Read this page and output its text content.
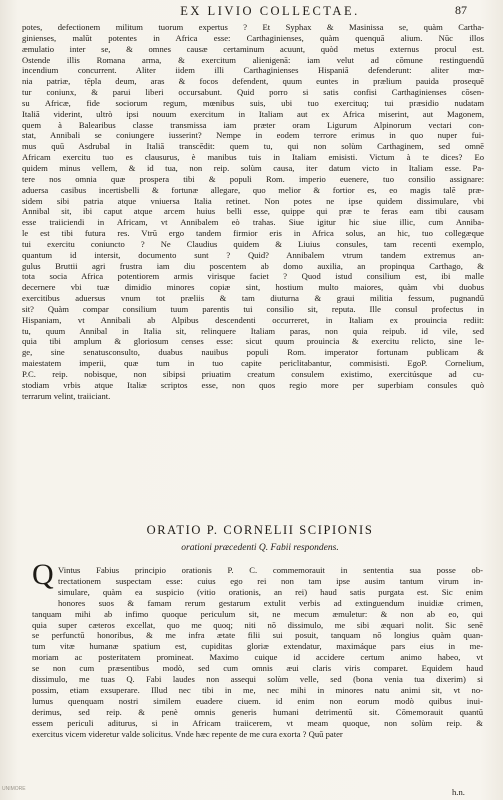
EX LIVIO COLLECTAE.	87
potes, defectionem militum tuorum expertus ? Et Syphax & Masinissa se, quàm Cartha-
ginienses, malūt potentes in Africa esse: Carthaginienses, quàm quenquā alium. Nūc illos
æmulatio inter se, & omnes causæ certaminum acuunt, quòd metus externus procul est.
Ostende illis Romana arma, & exercitum alienigenā: iam velut ad cōmune restinguendū
incendium concurrent. Aliter iidem illi Carthaginienses Hispaniā defenderunt: aliter mœ-
nia patriæ, tēpla deum, aras & focos defendent, quum euntes in prælium pauida prosequē
tur coniunx, & parui liberi occursabunt. Quid porro si satis confisi Carthaginienses cōsen-
su Africæ, fide sociorum regum, mœnibus suis, ubi tuo exercituq; tui præsidio nudatam
Italiā viderint, ultrò ipsi nouum exercitum in Italiam aut ex Africa miserint, aut Magonem,
quem à Balearibus classe transmissa iam præter oram Ligurum Alpinorum vectari con-
stat, Annibali se coniungere iusserint? Nempe in eodem terrore erimus in quo nuper fui-
mus quū Asdrubal in Italiā transcēdit: quem tu, qui non solùm Carthaginem, sed omnē
Africam exercitu tuo es clausurus, è manibus tuis in Italiam emisisti. Victum à te dices? Eo
quidem minus vellem, & id tua, non reip. solùm causa, iter datum victo in Italiam esse. Pa-
tere nos omnia quæ prospera tibi & populi Rom. imperio euenere, tuo consilio assignare:
aduersa casibus incertisbelli & fortunæ allegare, quo melior & fortior es, eo magis talē præ-
sidem sibi patria atque vniuersa Italia retinet. Non potes ne ipse quidem dissimulare, vbi
Annibal sit, ibi caput atque arcem huius belli esse, quippe qui præ te feras eam tibi causam
esse traiiciendi in Africam, vt Annibalem eò trahas. Siue igitur hic siue illic, cum Anniba-
le est tibi futura res. Vtrū ergo tandem firmior eris in Africa solus, an hic, tuo collegæque
tui exercitu coniuncto ? Ne Claudius quidem & Liuius consules, tam recenti exemplo,
quantum id intersit, documento sunt ? Quid? Annibalem vtrum tandem extremus an-
gulus Bruttii agri frustra iam diu poscentem ab domo auxilia, an propinqua Carthago, &
tota socia Africa potentiorem armis virisque faciet ? Quod istud consilium est, ibi malle
decernere vbi tuæ dimidio minores copiæ sint, hostium multo maiores, quàm vbi duobus
exercitibus aduersus vnum tot præliis & tam diuturna & graui militia fessum, pugnandū
sit? Quàm compar consilium tuum parentis tui consilio sit, reputa. Ille consul profectus in
Hispaniam, vt Annibali ab Alpibus descendenti occurreret, in Italiam ex prouincia rediit:
tu, quum Annibal in Italia sit, relinquere Italiam paras, non quia reipub. id vile, sed
quia tibi amplum & gloriosum censes esse: sicut quum prouincia & exercitu relicto, sine le-
ge, sine senatusconsulto, duabus nauibus populi Rom. imperator fortunam publicam &
maiestatem imperii, quæ tum in tuo capite periclitabantur, commisisti. EgoP. Cornelium,
P.C. reip. nobisque, non sibipsi priuatim creatum consulem existimo, exercitúsque ad cu-
stodiam vrbis atque Italiæ scriptos esse, non quos regio more per superbiam consules quò
terrarum velint, traiiciant.
ORATIO P. CORNELII SCIPIONIS
orationi præcedenti Q. Fabii respondens.
Q Vintus Fabius principio orationis P. C. commemorauit in sententia sua posse ob-
trectationem suspectam esse: cuius ego rei non tam ipse ausim tantum virum in-
simulare, quàm ea suspicio (vitio orationis, an rei) haud satis purgata est. Sic enim
honores suos & famam rerum gestarum extulit verbis ad extinguendum inuidiæ crimen,
tanquam mihi ab infimo quoque periculum sit, ne mecum æmuletur: & non ab eo, qui
quia super cæteros excellat, quo me quoq; niti nō dissimulo, me sibi æquari nolit. Sic senē
se perfunctū honoribus, & me infra ætate filii sui posuit, tanquam nō longius quàm quan-
tum vitæ humanæ spatium est, cupiditas gloriæ extendatur, maximáque pars eius in me-
moriam ac posteritatem promineat. Maximo cuique id accidere certum animo habeo, vt
se non cum præsentibus modò, sed cum omnis æui claris viris comparet. Equidem haud
dissimulo, me tuas Q. Fabi laudes non assequi solùm velle, sed (bona venia tua dixerim) si
possim, etiam exsuperare. Illud nec tibi in me, nec mihi in minores natu animi sit, vt no-
lumus quenquam nostri similem euadere ciuem. id enim non eorum modò quibus inui-
derimus, sed reip. & penè omnis generis humani detrimentū sit. Cōmemorauit quantū
essem periculi aditurus, si in Africam traiicerem, vt meam quoque, non solùm reip. &
exercitus vicem videretur valde solicitus. Vnde hæc repente de me cura exorta ? Quū pater
h.n.
UNIMORE
